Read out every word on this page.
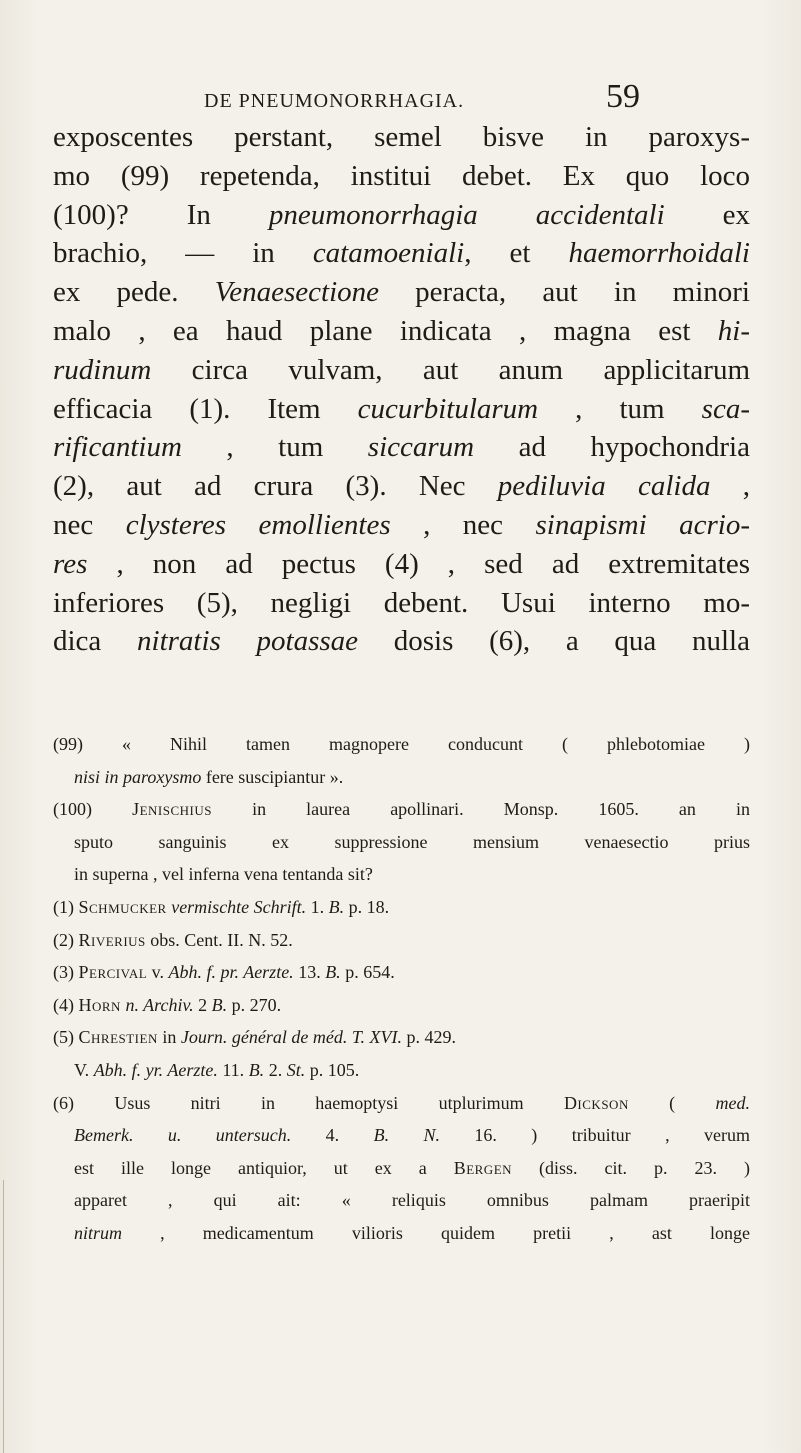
DE PNEUMONORRHAGIA.	59
exposcentes perstant, semel bisve in paroxys-
mo (99) repetenda, institui debet. Ex quo loco
(100)? In pneumonorrhagia accidentali ex
brachio, — in catamoeniali, et haemorrhoidali
ex pede. Venaesectione peracta, aut in minori
malo , ea haud plane indicata , magna est hi-
rudinum circa vulvam, aut anum applicitarum
efficacia (1). Item cucurbitularum , tum sca-
rificantium , tum siccarum ad hypochondria
(2), aut ad crura (3). Nec pediluvia calida ,
nec clysteres emollientes , nec sinapismi acrio-
res , non ad pectus (4) , sed ad extremitates
inferiores (5), negligi debent. Usui interno mo-
dica nitratis potassae dosis (6), a qua nulla
(99) « Nihil tamen magnopere conducunt ( phlebotomiae )
nisi in paroxysmo fere suscipiantur ».
(100) Jenischius in laurea apollinari. Monsp. 1605. an in
sputo sanguinis ex suppressione mensium venaesectio prius
in superna , vel inferna vena tentanda sit?
(1) Schmucker vermischte Schrift. 1. B. p. 18.
(2) Riverius obs. Cent. II. N. 52.
(3) Percival v. Abh. f. pr. Aerzte. 13. B. p. 654.
(4) Horn n. Archiv. 2 B. p. 270.
(5) Chrestien in Journ. général de méd. T. XVI. p. 429.
V. Abh. f. yr. Aerzte. 11. B. 2. St. p. 105.
(6) Usus nitri in haemoptysi utplurimum Dickson ( med.
Bemerk. u. untersuch. 4. B. N. 16. ) tribuitur , verum
est ille longe antiquior, ut ex a Bergen (diss. cit. p. 23. )
apparet , qui ait: « reliquis omnibus palmam praeripit
nitrum , medicamentum vilioris quidem pretii , ast longe
